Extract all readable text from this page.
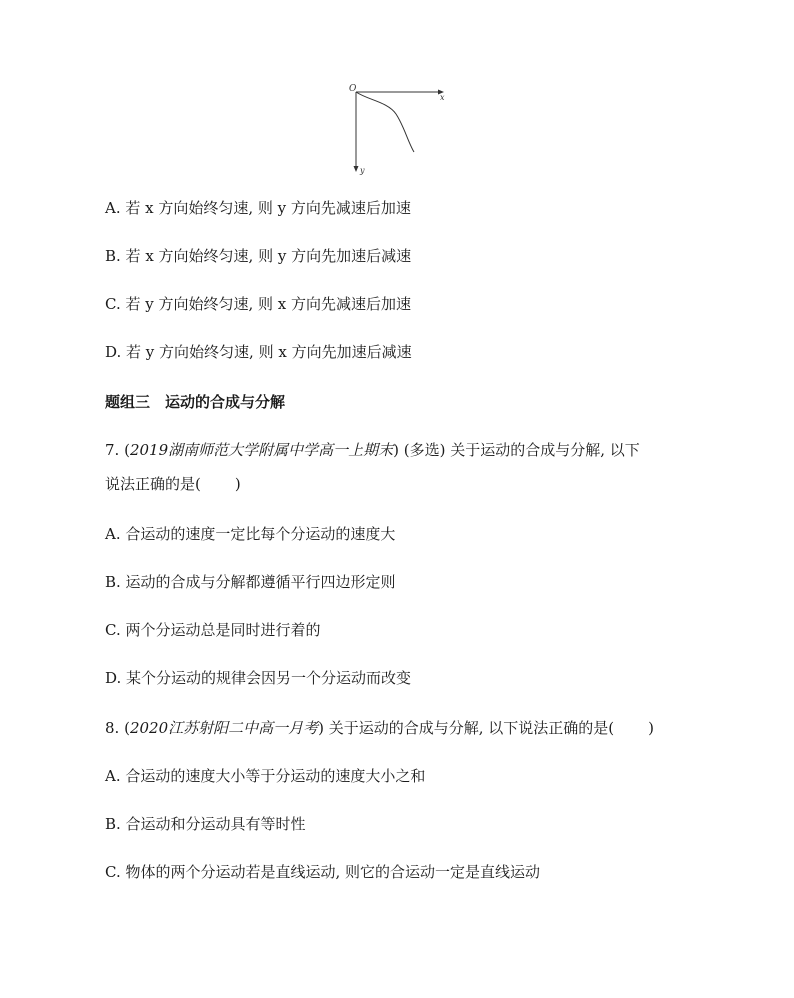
O
x
y
A. 若 x 方向始终匀速, 则 y 方向先减速后加速
B. 若 x 方向始终匀速, 则 y 方向先加速后减速
C. 若 y 方向始终匀速, 则 x 方向先减速后加速
D. 若 y 方向始终匀速, 则 x 方向先加速后减速
题组三　运动的合成与分解
7. (2019湖南师范大学附属中学高一上期末) (多选) 关于运动的合成与分解, 以下
说法正确的是( )
A. 合运动的速度一定比每个分运动的速度大
B. 运动的合成与分解都遵循平行四边形定则
C. 两个分运动总是同时进行着的
D. 某个分运动的规律会因另一个分运动而改变
8. (2020江苏射阳二中高一月考) 关于运动的合成与分解, 以下说法正确的是( )
A. 合运动的速度大小等于分运动的速度大小之和
B. 合运动和分运动具有等时性
C. 物体的两个分运动若是直线运动, 则它的合运动一定是直线运动
